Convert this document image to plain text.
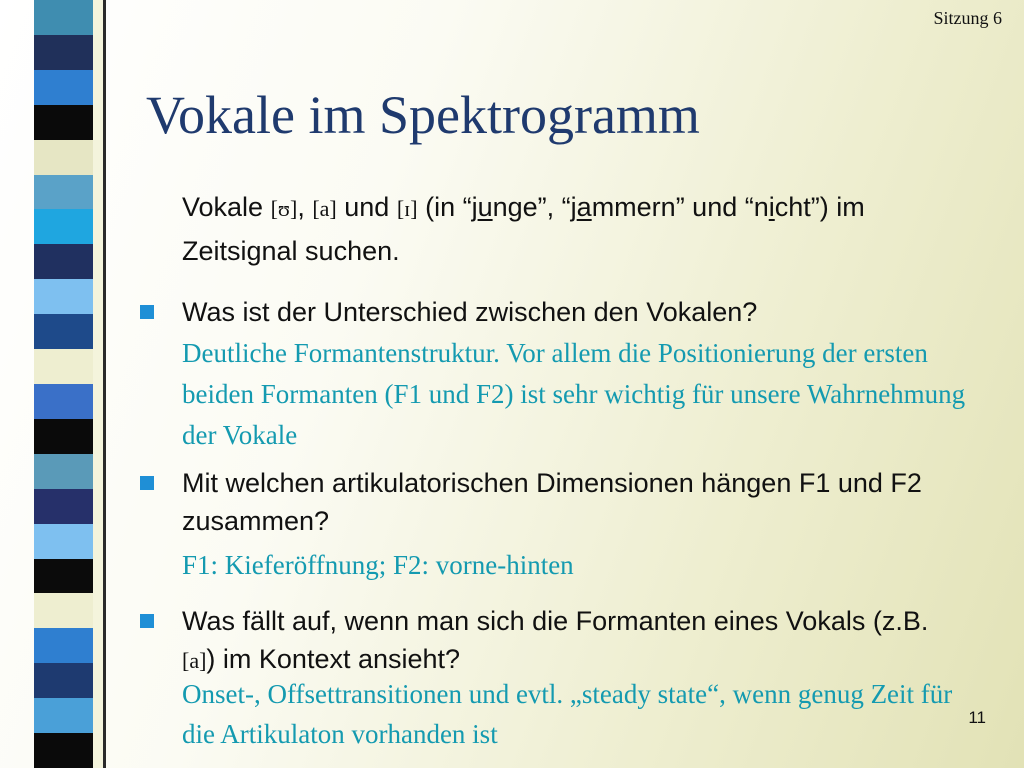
Sitzung 6
Vokale im Spektrogramm

Vokale [ʊ], [a] und [ɪ] (in “junge”, “jammern” und “nicht”) im Zeitsignal suchen.

Was ist der Unterschied zwischen den Vokalen?

Deutliche Formantenstruktur. Vor allem die Positionierung der ersten beiden Formanten (F1 und F2) ist sehr wichtig für unsere Wahrnehmung der Vokale

Mit welchen artikulatorischen Dimensionen hängen F1 und F2 zusammen?

F1: Kieferöffnung; F2: vorne-hinten

Was fällt auf, wenn man sich die Formanten eines Vokals (z.B. [a]) im Kontext ansieht?

Onset-, Offsettransitionen und evtl. „steady state“, wenn genug Zeit für die Artikulaton vorhanden ist

11
